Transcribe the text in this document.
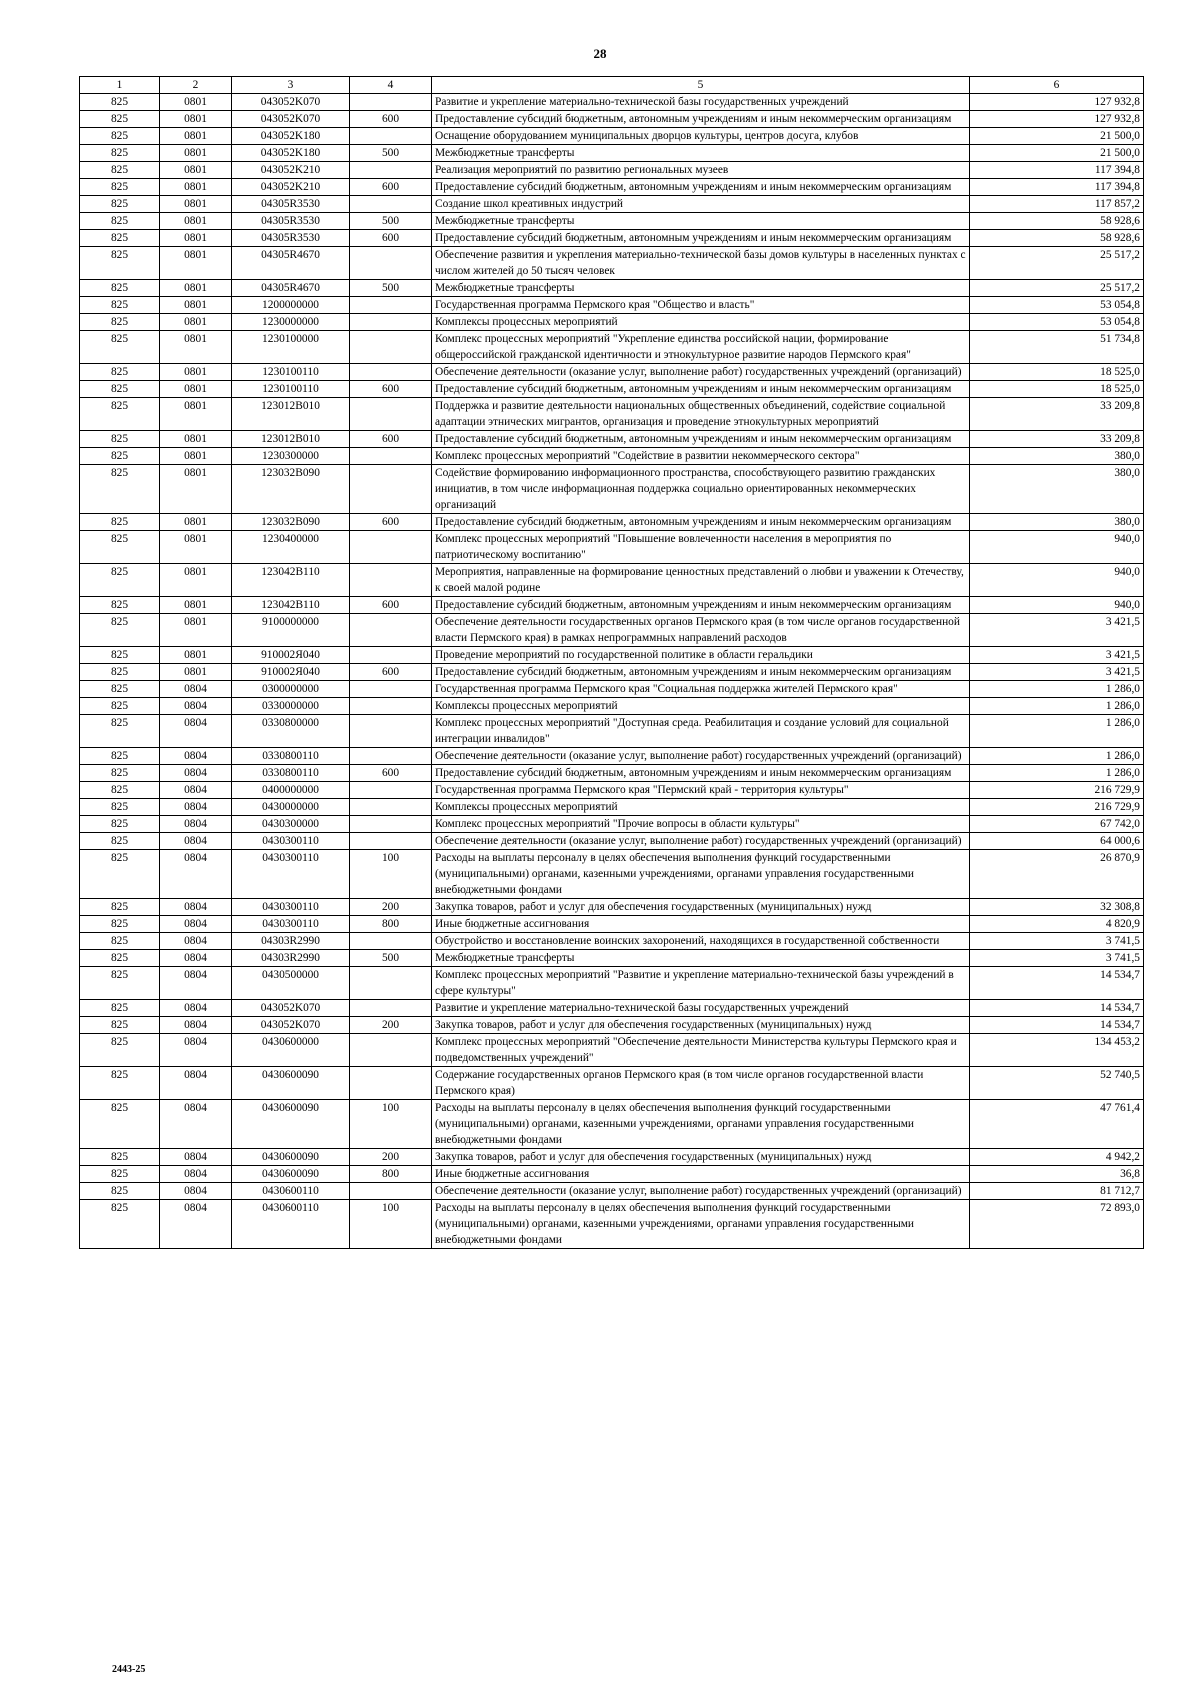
28
1	2	3	4	5	6
825	0801	043052K070		Развитие и укрепление материально-технической базы государственных учреждений	127 932,8
825	0801	043052K070	600	Предоставление субсидий бюджетным, автономным учреждениям и иным некоммерческим организациям	127 932,8
825	0801	043052K180		Оснащение оборудованием муниципальных дворцов культуры, центров досуга, клубов	21 500,0
825	0801	043052K180	500	Межбюджетные трансферты	21 500,0
825	0801	043052K210		Реализация мероприятий по развитию региональных музеев	117 394,8
825	0801	043052K210	600	Предоставление субсидий бюджетным, автономным учреждениям и иным некоммерческим организациям	117 394,8
825	0801	04305R3530		Создание школ креативных индустрий	117 857,2
825	0801	04305R3530	500	Межбюджетные трансферты	58 928,6
825	0801	04305R3530	600	Предоставление субсидий бюджетным, автономным учреждениям и иным некоммерческим организациям	58 928,6
825	0801	04305R4670		Обеспечение развития и укрепления материально-технической базы домов культуры в населенных пунктах с числом жителей до 50 тысяч человек	25 517,2
825	0801	04305R4670	500	Межбюджетные трансферты	25 517,2
825	0801	1200000000		Государственная программа Пермского края "Общество и власть"	53 054,8
825	0801	1230000000		Комплексы процессных мероприятий	53 054,8
825	0801	1230100000		Комплекс процессных мероприятий "Укрепление единства российской нации, формирование общероссийской гражданской идентичности и этнокультурное развитие народов Пермского края"	51 734,8
825	0801	1230100110		Обеспечение деятельности (оказание услуг, выполнение работ) государственных учреждений (организаций)	18 525,0
825	0801	1230100110	600	Предоставление субсидий бюджетным, автономным учреждениям и иным некоммерческим организациям	18 525,0
825	0801	123012B010		Поддержка и развитие деятельности национальных общественных объединений, содействие социальной адаптации этнических мигрантов, организация и проведение этнокультурных мероприятий	33 209,8
825	0801	123012B010	600	Предоставление субсидий бюджетным, автономным учреждениям и иным некоммерческим организациям	33 209,8
825	0801	1230300000		Комплекс процессных мероприятий "Содействие в развитии некоммерческого сектора"	380,0
825	0801	123032B090		Содействие формированию информационного пространства, способствующего развитию гражданских инициатив, в том числе информационная поддержка социально ориентированных некоммерческих организаций	380,0
825	0801	123032B090	600	Предоставление субсидий бюджетным, автономным учреждениям и иным некоммерческим организациям	380,0
825	0801	1230400000		Комплекс процессных мероприятий "Повышение вовлеченности населения в мероприятия по патриотическому воспитанию"	940,0
825	0801	123042B110		Мероприятия, направленные на формирование ценностных представлений о любви и уважении к Отечеству, к своей малой родине	940,0
825	0801	123042B110	600	Предоставление субсидий бюджетным, автономным учреждениям и иным некоммерческим организациям	940,0
825	0801	9100000000		Обеспечение деятельности государственных органов Пермского края (в том числе органов государственной власти Пермского края) в рамках непрограммных направлений расходов	3 421,5
825	0801	910002Я040		Проведение мероприятий по государственной политике в области геральдики	3 421,5
825	0801	910002Я040	600	Предоставление субсидий бюджетным, автономным учреждениям и иным некоммерческим организациям	3 421,5
825	0804	0300000000		Государственная программа Пермского края "Социальная поддержка жителей Пермского края"	1 286,0
825	0804	0330000000		Комплексы процессных мероприятий	1 286,0
825	0804	0330800000		Комплекс процессных мероприятий "Доступная среда. Реабилитация и создание условий для социальной интеграции инвалидов"	1 286,0
825	0804	0330800110		Обеспечение деятельности (оказание услуг, выполнение работ) государственных учреждений (организаций)	1 286,0
825	0804	0330800110	600	Предоставление субсидий бюджетным, автономным учреждениям и иным некоммерческим организациям	1 286,0
825	0804	0400000000		Государственная программа Пермского края "Пермский край - территория культуры"	216 729,9
825	0804	0430000000		Комплексы процессных мероприятий	216 729,9
825	0804	0430300000		Комплекс процессных мероприятий "Прочие вопросы в области культуры"	67 742,0
825	0804	0430300110		Обеспечение деятельности (оказание услуг, выполнение работ) государственных учреждений (организаций)	64 000,6
825	0804	0430300110	100	Расходы на выплаты персоналу в целях обеспечения выполнения функций государственными (муниципальными) органами, казенными учреждениями, органами управления государственными внебюджетными фондами	26 870,9
825	0804	0430300110	200	Закупка товаров, работ и услуг для обеспечения государственных (муниципальных) нужд	32 308,8
825	0804	0430300110	800	Иные бюджетные ассигнования	4 820,9
825	0804	04303R2990		Обустройство и восстановление воинских захоронений, находящихся в государственной собственности	3 741,5
825	0804	04303R2990	500	Межбюджетные трансферты	3 741,5
825	0804	0430500000		Комплекс процессных мероприятий "Развитие и укрепление материально-технической базы учреждений в сфере культуры"	14 534,7
825	0804	043052K070		Развитие и укрепление материально-технической базы государственных учреждений	14 534,7
825	0804	043052K070	200	Закупка товаров, работ и услуг для обеспечения государственных (муниципальных) нужд	14 534,7
825	0804	0430600000		Комплекс процессных мероприятий "Обеспечение деятельности Министерства культуры Пермского края и подведомственных учреждений"	134 453,2
825	0804	0430600090		Содержание государственных органов Пермского края (в том числе органов государственной власти Пермского края)	52 740,5
825	0804	0430600090	100	Расходы на выплаты персоналу в целях обеспечения выполнения функций государственными (муниципальными) органами, казенными учреждениями, органами управления государственными внебюджетными фондами	47 761,4
825	0804	0430600090	200	Закупка товаров, работ и услуг для обеспечения государственных (муниципальных) нужд	4 942,2
825	0804	0430600090	800	Иные бюджетные ассигнования	36,8
825	0804	0430600110		Обеспечение деятельности (оказание услуг, выполнение работ) государственных учреждений (организаций)	81 712,7
825	0804	0430600110	100	Расходы на выплаты персоналу в целях обеспечения выполнения функций государственными (муниципальными) органами, казенными учреждениями, органами управления государственными внебюджетными фондами	72 893,0
2443-25
